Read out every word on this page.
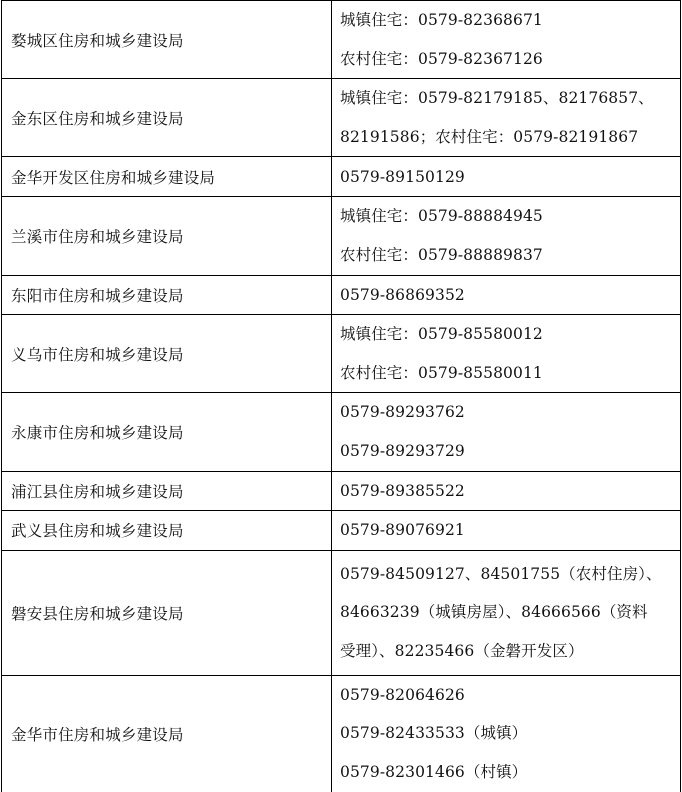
婺城区住房和城乡建设局	城镇住宅：0579-82368671
农村住宅：0579-82367126

金东区住房和城乡建设局	城镇住宅：0579-82179185、82176857、
82191586；农村住宅：0579-82191867

金华开发区住房和城乡建设局	0579-89150129

兰溪市住房和城乡建设局	城镇住宅：0579-88884945
农村住宅：0579-88889837

东阳市住房和城乡建设局	0579-86869352

义乌市住房和城乡建设局	城镇住宅：0579-85580012
农村住宅：0579-85580011

永康市住房和城乡建设局	0579-89293762
0579-89293729

浦江县住房和城乡建设局	0579-89385522

武义县住房和城乡建设局	0579-89076921

磐安县住房和城乡建设局	0579-84509127、84501755（农村住房）、
84663239（城镇房屋）、84666566（资料
受理）、82235466（金磐开发区）

金华市住房和城乡建设局	0579-82064626
0579-82433533（城镇）
0579-82301466（村镇）
